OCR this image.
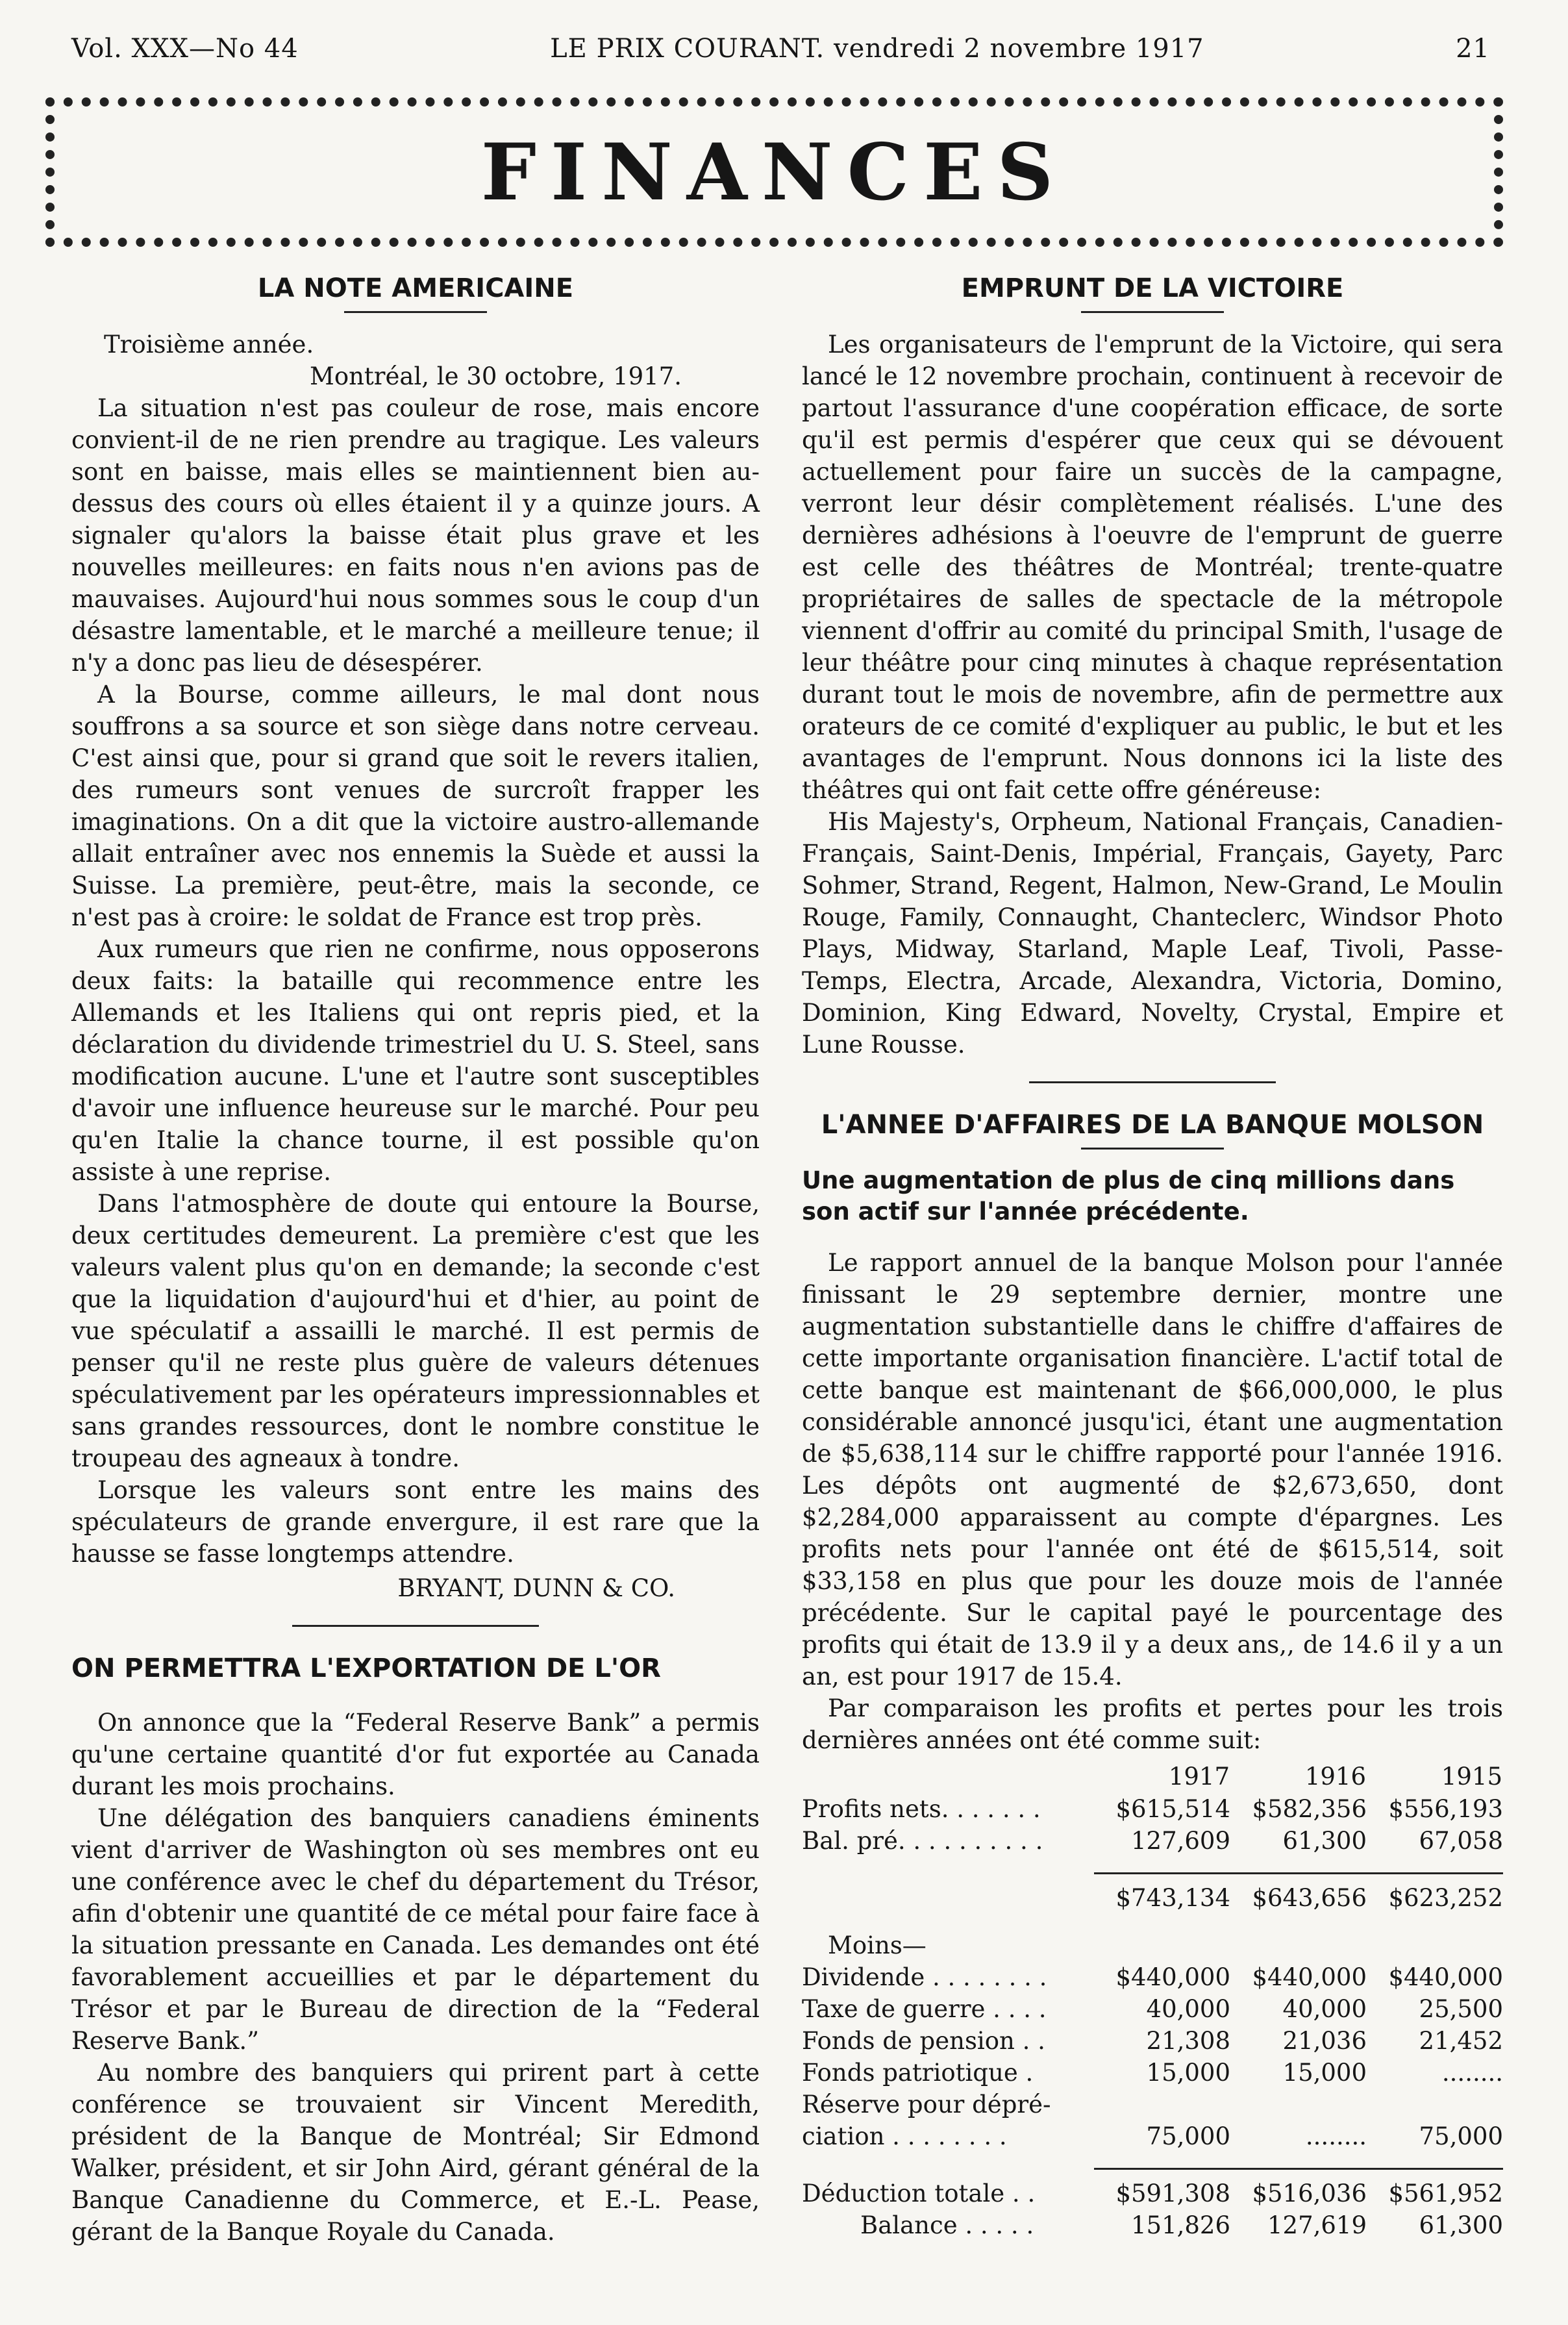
Vol. XXX—No 44	LE PRIX COURANT. vendredi 2 novembre 1917	21
FINANCES
LA NOTE AMERICAINE

Troisième année.

Montréal, le 30 octobre, 1917.

La situation n'est pas couleur de rose, mais encore convient-il de ne rien prendre au tragique. Les valeurs sont en baisse, mais elles se maintiennent bien au-dessus des cours où elles étaient il y a quinze jours. A signaler qu'alors la baisse était plus grave et les nouvelles meilleures: en faits nous n'en avions pas de mauvaises. Aujourd'hui nous sommes sous le coup d'un désastre lamentable, et le marché a meilleure tenue; il n'y a donc pas lieu de désespérer.

A la Bourse, comme ailleurs, le mal dont nous souffrons a sa source et son siège dans notre cerveau. C'est ainsi que, pour si grand que soit le revers italien, des rumeurs sont venues de surcroît frapper les imaginations. On a dit que la victoire austro-allemande allait entraîner avec nos ennemis la Suède et aussi la Suisse. La première, peut-être, mais la seconde, ce n'est pas à croire: le soldat de France est trop près.

Aux rumeurs que rien ne confirme, nous opposerons deux faits: la bataille qui recommence entre les Allemands et les Italiens qui ont repris pied, et la déclaration du dividende trimestriel du U. S. Steel, sans modification aucune. L'une et l'autre sont susceptibles d'avoir une influence heureuse sur le marché. Pour peu qu'en Italie la chance tourne, il est possible qu'on assiste à une reprise.

Dans l'atmosphère de doute qui entoure la Bourse, deux certitudes demeurent. La première c'est que les valeurs valent plus qu'on en demande; la seconde c'est que la liquidation d'aujourd'hui et d'hier, au point de vue spéculatif a assailli le marché. Il est permis de penser qu'il ne reste plus guère de valeurs détenues spéculativement par les opérateurs impressionnables et sans grandes ressources, dont le nombre constitue le troupeau des agneaux à tondre.

Lorsque les valeurs sont entre les mains des spéculateurs de grande envergure, il est rare que la hausse se fasse longtemps attendre.

BRYANT, DUNN & CO.

ON PERMETTRA L'EXPORTATION DE L'OR

On annonce que la “Federal Reserve Bank” a permis qu'une certaine quantité d'or fut exportée au Canada durant les mois prochains.

Une délégation des banquiers canadiens éminents vient d'arriver de Washington où ses membres ont eu une conférence avec le chef du département du Trésor, afin d'obtenir une quantité de ce métal pour faire face à la situation pressante en Canada. Les demandes ont été favorablement accueillies et par le département du Trésor et par le Bureau de direction de la “Federal Reserve Bank.”

Au nombre des banquiers qui prirent part à cette conférence se trouvaient sir Vincent Meredith, président de la Banque de Montréal; Sir Edmond Walker, président, et sir John Aird, gérant général de la Banque Canadienne du Commerce, et E.-L. Pease, gérant de la Banque Royale du Canada.

EMPRUNT DE LA VICTOIRE

Les organisateurs de l'emprunt de la Victoire, qui sera lancé le 12 novembre prochain, continuent à recevoir de partout l'assurance d'une coopération efficace, de sorte qu'il est permis d'espérer que ceux qui se dévouent actuellement pour faire un succès de la campagne, verront leur désir complètement réalisés. L'une des dernières adhésions à l'oeuvre de l'emprunt de guerre est celle des théâtres de Montréal; trente-quatre propriétaires de salles de spectacle de la métropole viennent d'offrir au comité du principal Smith, l'usage de leur théâtre pour cinq minutes à chaque représentation durant tout le mois de novembre, afin de permettre aux orateurs de ce comité d'expliquer au public, le but et les avantages de l'emprunt. Nous donnons ici la liste des théâtres qui ont fait cette offre généreuse:

His Majesty's, Orpheum, National Français, Canadien-Français, Saint-Denis, Impérial, Français, Gayety, Parc Sohmer, Strand, Regent, Halmon, New-Grand, Le Moulin Rouge, Family, Connaught, Chanteclerc, Windsor Photo Plays, Midway, Starland, Maple Leaf, Tivoli, Passe-Temps, Electra, Arcade, Alexandra, Victoria, Domino, Dominion, King Edward, Novelty, Crystal, Empire et Lune Rousse.

L'ANNEE D'AFFAIRES DE LA BANQUE MOLSON
Une augmentation de plus de cinq millions dans son actif sur l'année précédente.

Le rapport annuel de la banque Molson pour l'année finissant le 29 septembre dernier, montre une augmentation substantielle dans le chiffre d'affaires de cette importante organisation financière. L'actif total de cette banque est maintenant de $66,000,000, le plus considérable annoncé jusqu'ici, étant une augmentation de $5,638,114 sur le chiffre rapporté pour l'année 1916. Les dépôts ont augmenté de $2,673,650, dont $2,284,000 apparaissent au compte d'épargnes. Les profits nets pour l'année ont été de $615,514, soit $33,158 en plus que pour les douze mois de l'année précédente. Sur le capital payé le pourcentage des profits qui était de 13.9 il y a deux ans,, de 14.6 il y a un an, est pour 1917 de 15.4.

Par comparaison les profits et pertes pour les trois dernières années ont été comme suit:

	1917	1916	1915
Profits nets. . . . . . .	$615,514	$582,356	$556,193
Bal. pré. . . . . . . . . .	127,609	61,300	67,058

	$743,134	$643,656	$623,252

Moins—			
Dividende . . . . . . . .	$440,000	$440,000	$440,000
Taxe de guerre . . . .	40,000	40,000	25,500
Fonds de pension . .	21,308	21,036	21,452
Fonds patriotique .	15,000	15,000	........
Réserve pour dépré-			
ciation . . . . . . . .	75,000	........	75,000

Déduction totale . .	$591,308	$516,036	$561,952
Balance . . . . .	151,826	127,619	61,300
